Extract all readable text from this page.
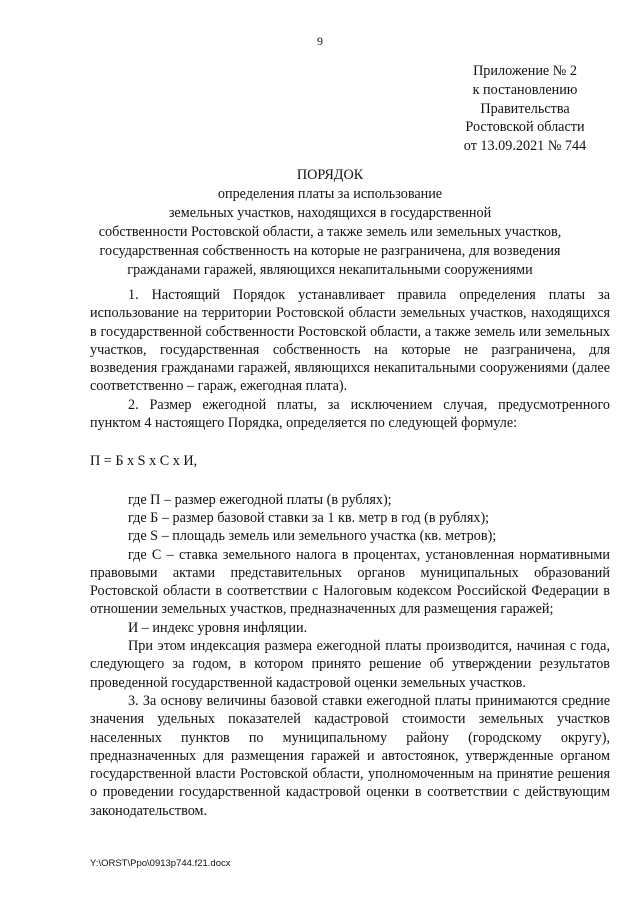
9
Приложение № 2
к постановлению
Правительства
Ростовской области
от 13.09.2021 № 744
ПОРЯДОК
определения платы за использование
земельных участков, находящихся в государственной
собственности Ростовской области, а также земель или земельных участков,
государственная собственность на которые не разграничена, для возведения
гражданами гаражей, являющихся некапитальными сооружениями

1. Настоящий Порядок устанавливает правила определения платы за использование на территории Ростовской области земельных участков, находящихся в государственной собственности Ростовской области, а также земель или земельных участков, государственная собственность на которые не разграничена, для возведения гражданами гаражей, являющихся некапитальными сооружениями (далее соответственно – гараж, ежегодная плата).

2. Размер ежегодной платы, за исключением случая, предусмотренного пунктом 4 настоящего Порядка, определяется по следующей формуле:

П = Б х S х С х И,

где П – размер ежегодной платы (в рублях);

где Б – размер базовой ставки за 1 кв. метр в год (в рублях);

где S – площадь земель или земельного участка (кв. метров);

где С – ставка земельного налога в процентах, установленная нормативными правовыми актами представительных органов муниципальных образований Ростовской области в соответствии с Налоговым кодексом Российской Федерации в отношении земельных участков, предназначенных для размещения гаражей;

И – индекс уровня инфляции.

При этом индексация размера ежегодной платы производится, начиная с года, следующего за годом, в котором принято решение об утверждении результатов проведенной государственной кадастровой оценки земельных участков.

3. За основу величины базовой ставки ежегодной платы принимаются средние значения удельных показателей кадастровой стоимости земельных участков населенных пунктов по муниципальному району (городскому округу), предназначенных для размещения гаражей и автостоянок, утвержденные органом государственной власти Ростовской области, уполномоченным на принятие решения о проведении государственной кадастровой оценки в соответствии с действующим законодательством.

Y:\ORST\Ppo\0913p744.f21.docx
